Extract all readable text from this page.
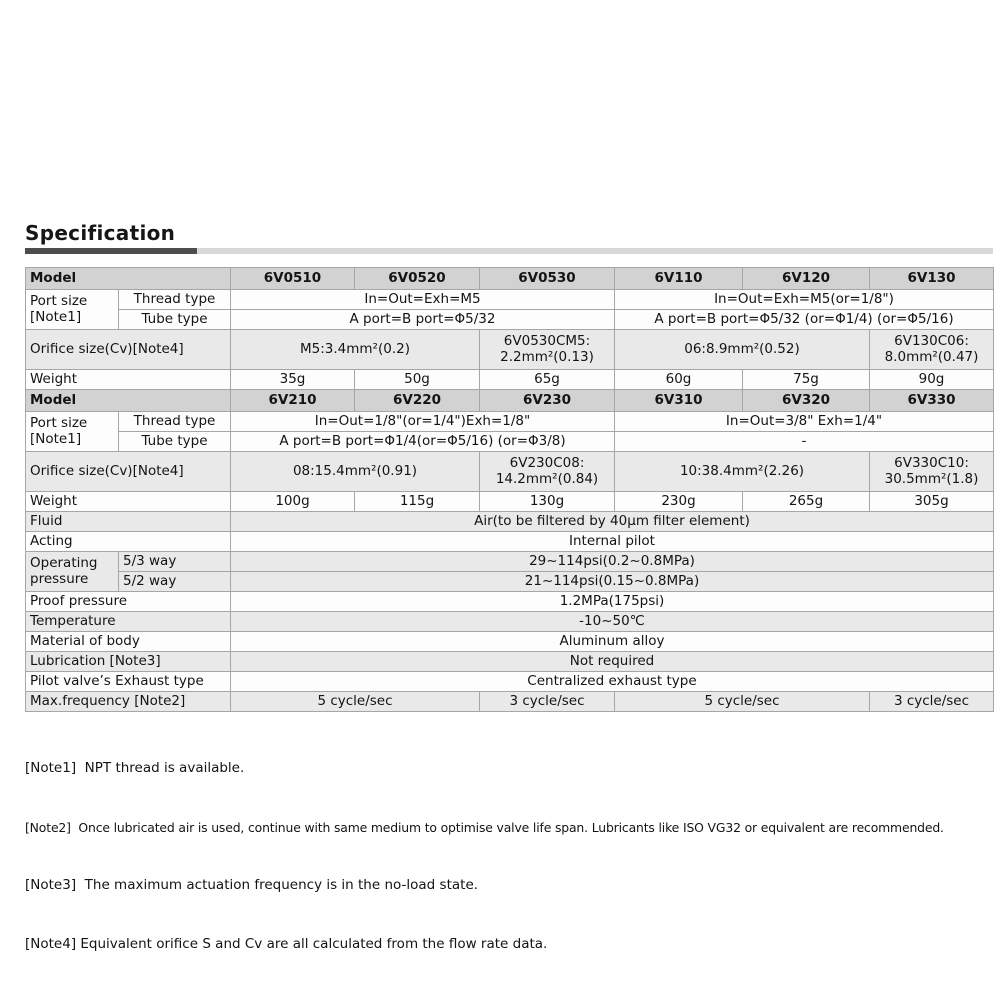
Specification
Model		6V0510	6V0520	6V0530	6V110	6V120	6V130
Port size [Note1]	Thread type	In=Out=Exh=M5			In=Out=Exh=M5(or=1/8")		
	Tube type	A port=B port=Φ5/32			A port=B port=Φ5/32 (or=Φ1/4) (or=Φ5/16)		
Orifice size(Cv)[Note4]		M5:3.4mm²(0.2)		6V0530CM5: 2.2mm²(0.13)	06:8.9mm²(0.52)		6V130C06: 8.0mm²(0.47)
Weight		35g	50g	65g	60g	75g	90g
Model		6V210	6V220	6V230	6V310	6V320	6V330
Port size [Note1]	Thread type	In=Out=1/8"(or=1/4")Exh=1/8"			In=Out=3/8" Exh=1/4"		
	Tube type	A port=B port=Φ1/4(or=Φ5/16) (or=Φ3/8)			-		
Orifice size(Cv)[Note4]		08:15.4mm²(0.91)		6V230C08: 14.2mm²(0.84)	10:38.4mm²(2.26)		6V330C10: 30.5mm²(1.8)
Weight		100g	115g	130g	230g	265g	305g
Fluid		Air(to be filtered by 40μm filter element)					
Acting		Internal pilot					
Operating pressure	5/3 way	29~114psi(0.2~0.8MPa)					
	5/2 way	21~114psi(0.15~0.8MPa)					
Proof pressure		1.2MPa(175psi)					
Temperature		-10~50℃					
Material of body		Aluminum alloy					
Lubrication [Note3]		Not required					
Pilot valve’s Exhaust type		Centralized exhaust type					
Max.frequency [Note2]		5 cycle/sec		3 cycle/sec	5 cycle/sec		3 cycle/sec

[Note1]  NPT thread is available.

[Note2]  Once lubricated air is used, continue with same medium to optimise valve life span. Lubricants like ISO VG32 or equivalent are recommended.

[Note3]  The maximum actuation frequency is in the no-load state.

[Note4] Equivalent orifice S and Cv are all calculated from the flow rate data.
